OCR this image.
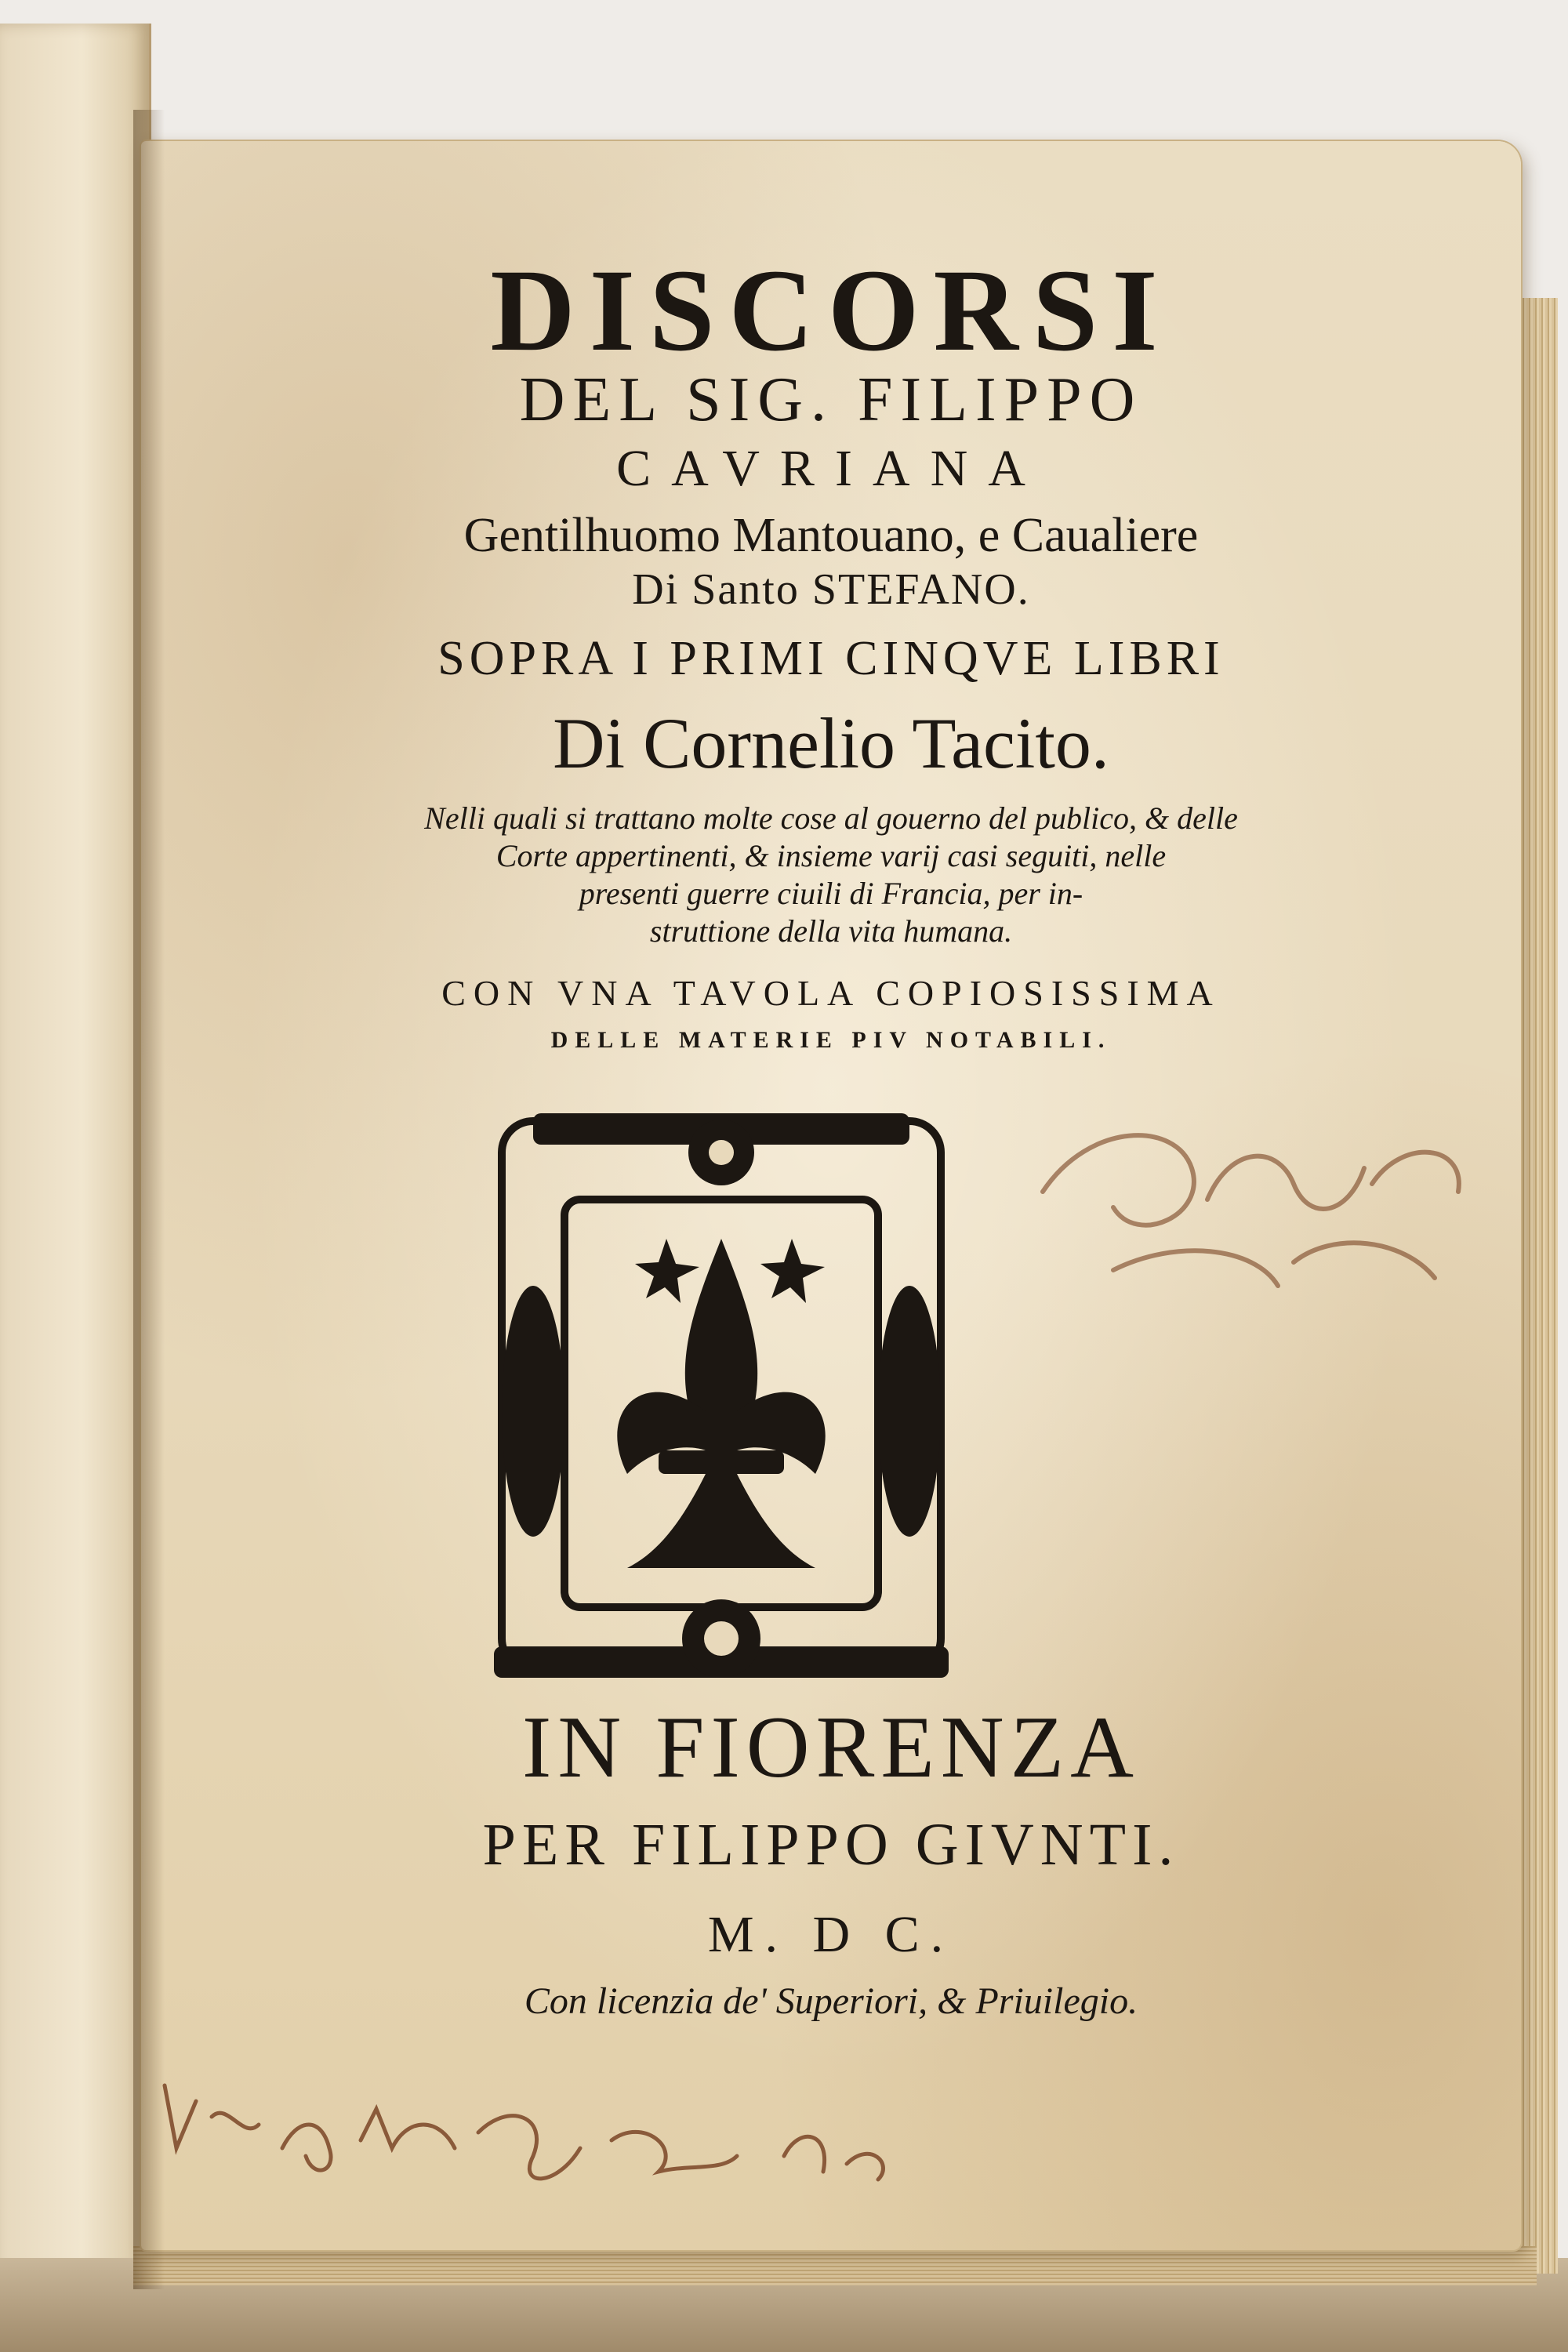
DISCORSI
DEL SIG. FILIPPO
CAVRIANA
Gentilhuomo Mantouano, e Caualiere
Di Santo STEFANO.
SOPRA I PRIMI CINQVE LIBRI
Di Cornelio Tacito.
Nelli quali si trattano molte cose al gouerno del publico, & delle
Corte appertinenti, & insieme varij casi seguiti, nelle
presenti guerre ciuili di Francia, per in-
struttione della vita humana.
CON VNA TAVOLA COPIOSISSIMA
DELLE MATERIE PIV NOTABILI.
IN FIORENZA
PER FILIPPO GIVNTI.
M. D C.
Con licenzia de' Superiori, & Priuilegio.
